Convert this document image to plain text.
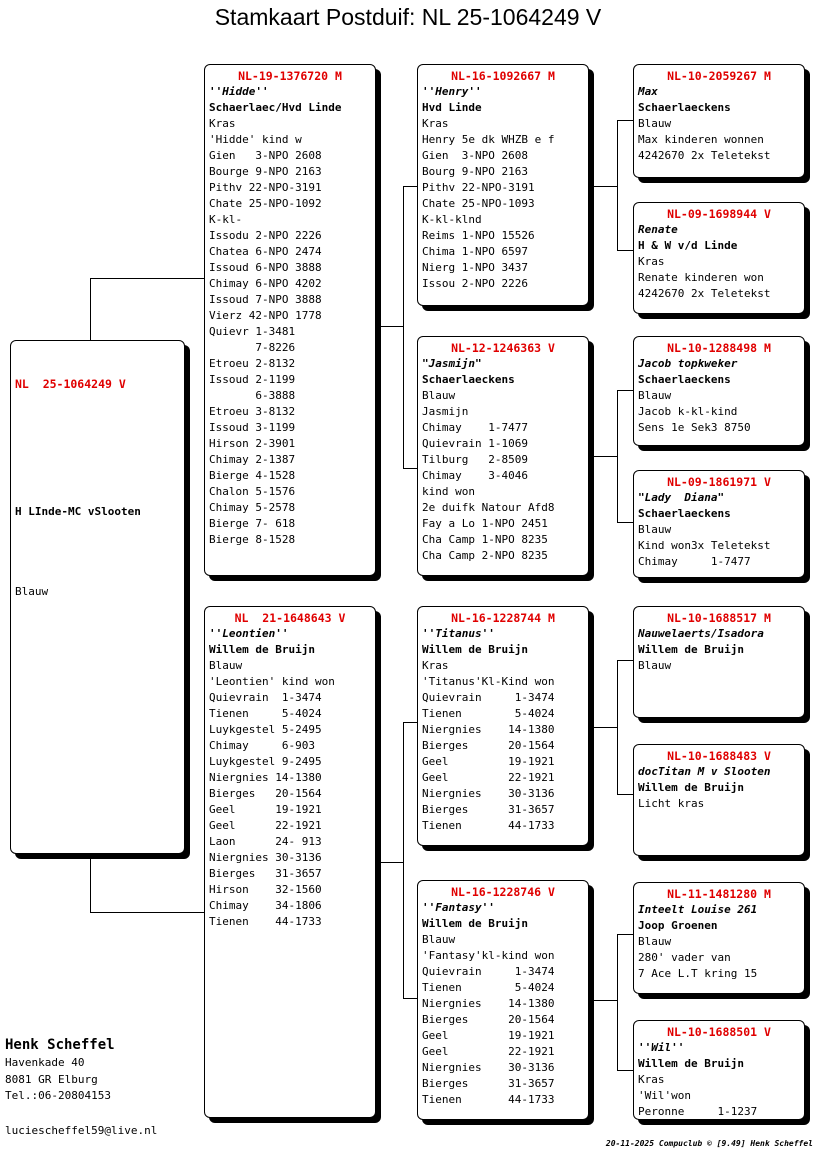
Stamkaart Postduif: NL 25-1064249 V

NL  25-1064249 V

H LInde-MC vSlooten

Blauw

NL-19-1376720 M
''Hidde''
Schaerlaec/Hvd Linde
Kras
'Hidde' kind w
Gien   3-NPO 2608
Bourge 9-NPO 2163
Pithv 22-NPO-3191
Chate 25-NPO-1092
K-kl-
Issodu 2-NPO 2226
Chatea 6-NPO 2474
Issoud 6-NPO 3888
Chimay 6-NPO 4202
Issoud 7-NPO 3888
Vierz 42-NPO 1778
Quievr 1-3481
7-8226
Etroeu 2-8132
Issoud 2-1199
6-3888
Etroeu 3-8132
Issoud 3-1199
Hirson 2-3901
Chimay 2-1387
Bierge 4-1528
Chalon 5-1576
Chimay 5-2578
Bierge 7- 618
Bierge 8-1528
NL  21-1648643 V
''Leontien''
Willem de Bruijn
Blauw
'Leontien' kind won
Quievrain  1-3474
Tienen     5-4024
Luykgestel 5-2495
Chimay     6-903
Luykgestel 9-2495
Niergnies 14-1380
Bierges   20-1564
Geel      19-1921
Geel      22-1921
Laon      24- 913
Niergnies 30-3136
Bierges   31-3657
Hirson    32-1560
Chimay    34-1806
Tienen    44-1733
NL-16-1092667 M
''Henry''
Hvd Linde
Kras
Henry 5e dk WHZB e f
Gien  3-NPO 2608
Bourg 9-NPO 2163
Pithv 22-NPO-3191
Chate 25-NPO-1093
K-kl-klnd
Reims 1-NPO 15526
Chima 1-NPO 6597
Nierg 1-NPO 3437
Issou 2-NPO 2226
NL-12-1246363 V
"Jasmijn"
Schaerlaeckens
Blauw
Jasmijn
Chimay    1-7477
Quievrain 1-1069
Tilburg   2-8509
Chimay    3-4046
kind won
2e duifk Natour Afd8
Fay a Lo 1-NPO 2451
Cha Camp 1-NPO 8235
Cha Camp 2-NPO 8235
NL-16-1228744 M
''Titanus''
Willem de Bruijn
Kras
'Titanus'Kl-Kind won
Quievrain     1-3474
Tienen        5-4024
Niergnies    14-1380
Bierges      20-1564
Geel         19-1921
Geel         22-1921
Niergnies    30-3136
Bierges      31-3657
Tienen       44-1733
NL-16-1228746 V
''Fantasy''
Willem de Bruijn
Blauw
'Fantasy'kl-kind won
Quievrain     1-3474
Tienen        5-4024
Niergnies    14-1380
Bierges      20-1564
Geel         19-1921
Geel         22-1921
Niergnies    30-3136
Bierges      31-3657
Tienen       44-1733
NL-10-2059267 M
Max
Schaerlaeckens
Blauw
Max kinderen wonnen
4242670 2x Teletekst
NL-09-1698944 V
Renate
H & W v/d Linde
Kras
Renate kinderen won
4242670 2x Teletekst
NL-10-1288498 M
Jacob topkweker
Schaerlaeckens
Blauw
Jacob k-kl-kind
Sens 1e Sek3 8750
NL-09-1861971 V
"Lady  Diana"
Schaerlaeckens
Blauw
Kind won3x Teletekst
Chimay     1-7477
NL-10-1688517 M
Nauwelaerts/Isadora
Willem de Bruijn
Blauw
NL-10-1688483 V
docTitan M v Slooten
Willem de Bruijn
Licht kras
NL-11-1481280 M
Inteelt Louise 261
Joop Groenen
Blauw
280' vader van
7 Ace L.T kring 15
NL-10-1688501 V
''Wil''
Willem de Bruijn
Kras
'Wil'won
Peronne     1-1237
Henk Scheffel
Havenkade 40
8081 GR Elburg
Tel.:06-20804153
luciescheffel59@live.nl
20-11-2025 Compuclub © [9.49] Henk Scheffel
